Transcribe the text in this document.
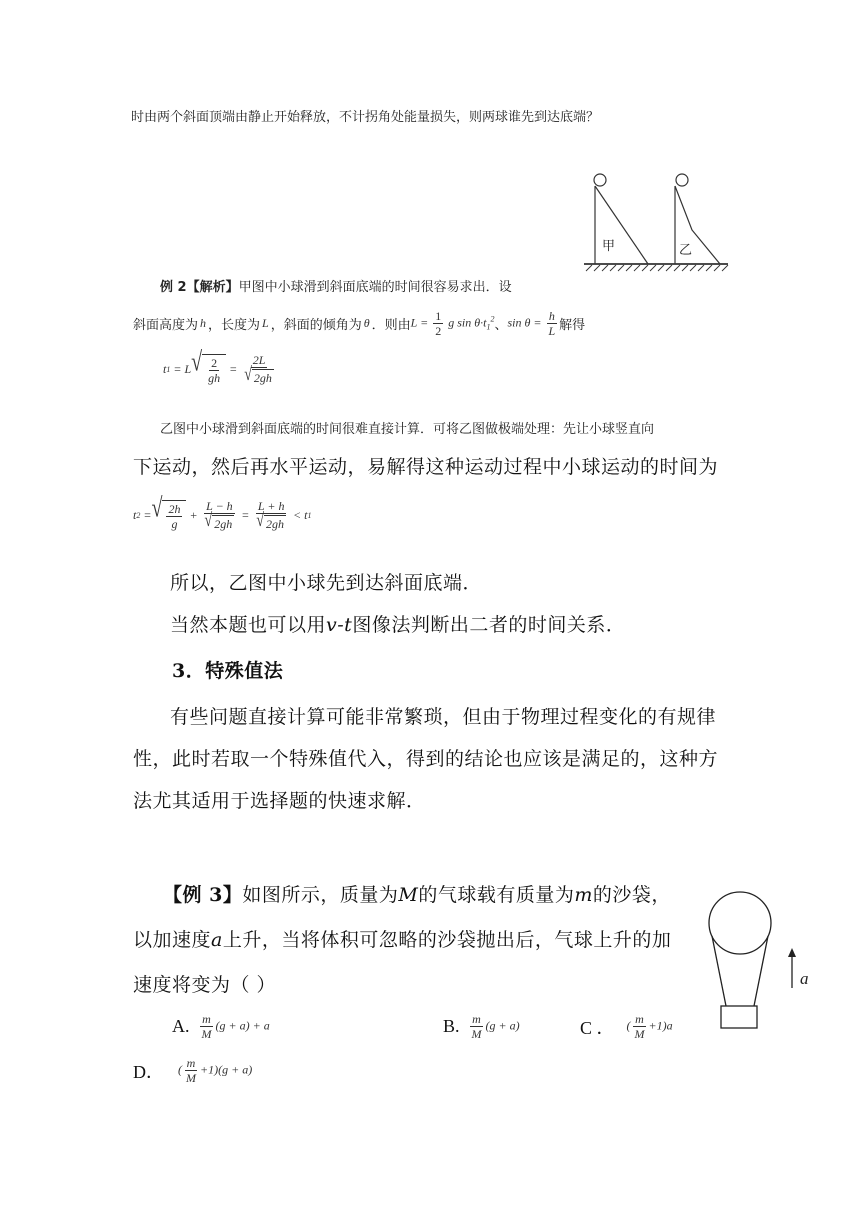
时由两个斜面顶端由静止开始释放，不计拐角处能量损失，则两球谁先到达底端？
甲	乙
例 2【解析】甲图中小球滑到斜面底端的时间很容易求出．设
斜面高度为 h ，长度为 L ，斜面的倾角为 θ ．则由 $L = \frac{1}{2}$ g $\sin \theta\cdot t_1^2$ 、 $\sin \theta = \frac{h}{L}$ 解得
t 1 = L √ $\frac{2}{gh} = \frac{2L}{√ 2gh}$
乙图中小球滑到斜面底端的时间很难直接计算．可将乙图做极端处理：先让小球竖直向
下运动，然后再水平运动，易解得这种运动过程中小球运动的时间为
t 2 = √ $\frac{2h}{g} + \frac{L - h}{√ 2gh} = \frac{L + h}{√ 2gh} < t$ 1
所以，乙图中小球先到达斜面底端．
当然本题也可以用v-t图像法判断出二者的时间关系．
3．特殊值法
有些问题直接计算可能非常繁琐，但由于物理过程变化的有规律
性，此时若取一个特殊值代入，得到的结论也应该是满足的，这种方
法尤其适用于选择题的快速求解．
【例 3】如图所示，质量为M的气球载有质量为m的沙袋，
以加速度a上升，当将体积可忽略的沙袋抛出后，气球上升的加
速度将变为（ ）	a
A. $\frac{m}{M} (g + a) + a$	B. $\frac{m}{M} (g + a)$	C ． ( $\frac{m}{M} +1)a$
D． ( $\frac{m}{M} +1)(g + a)$
